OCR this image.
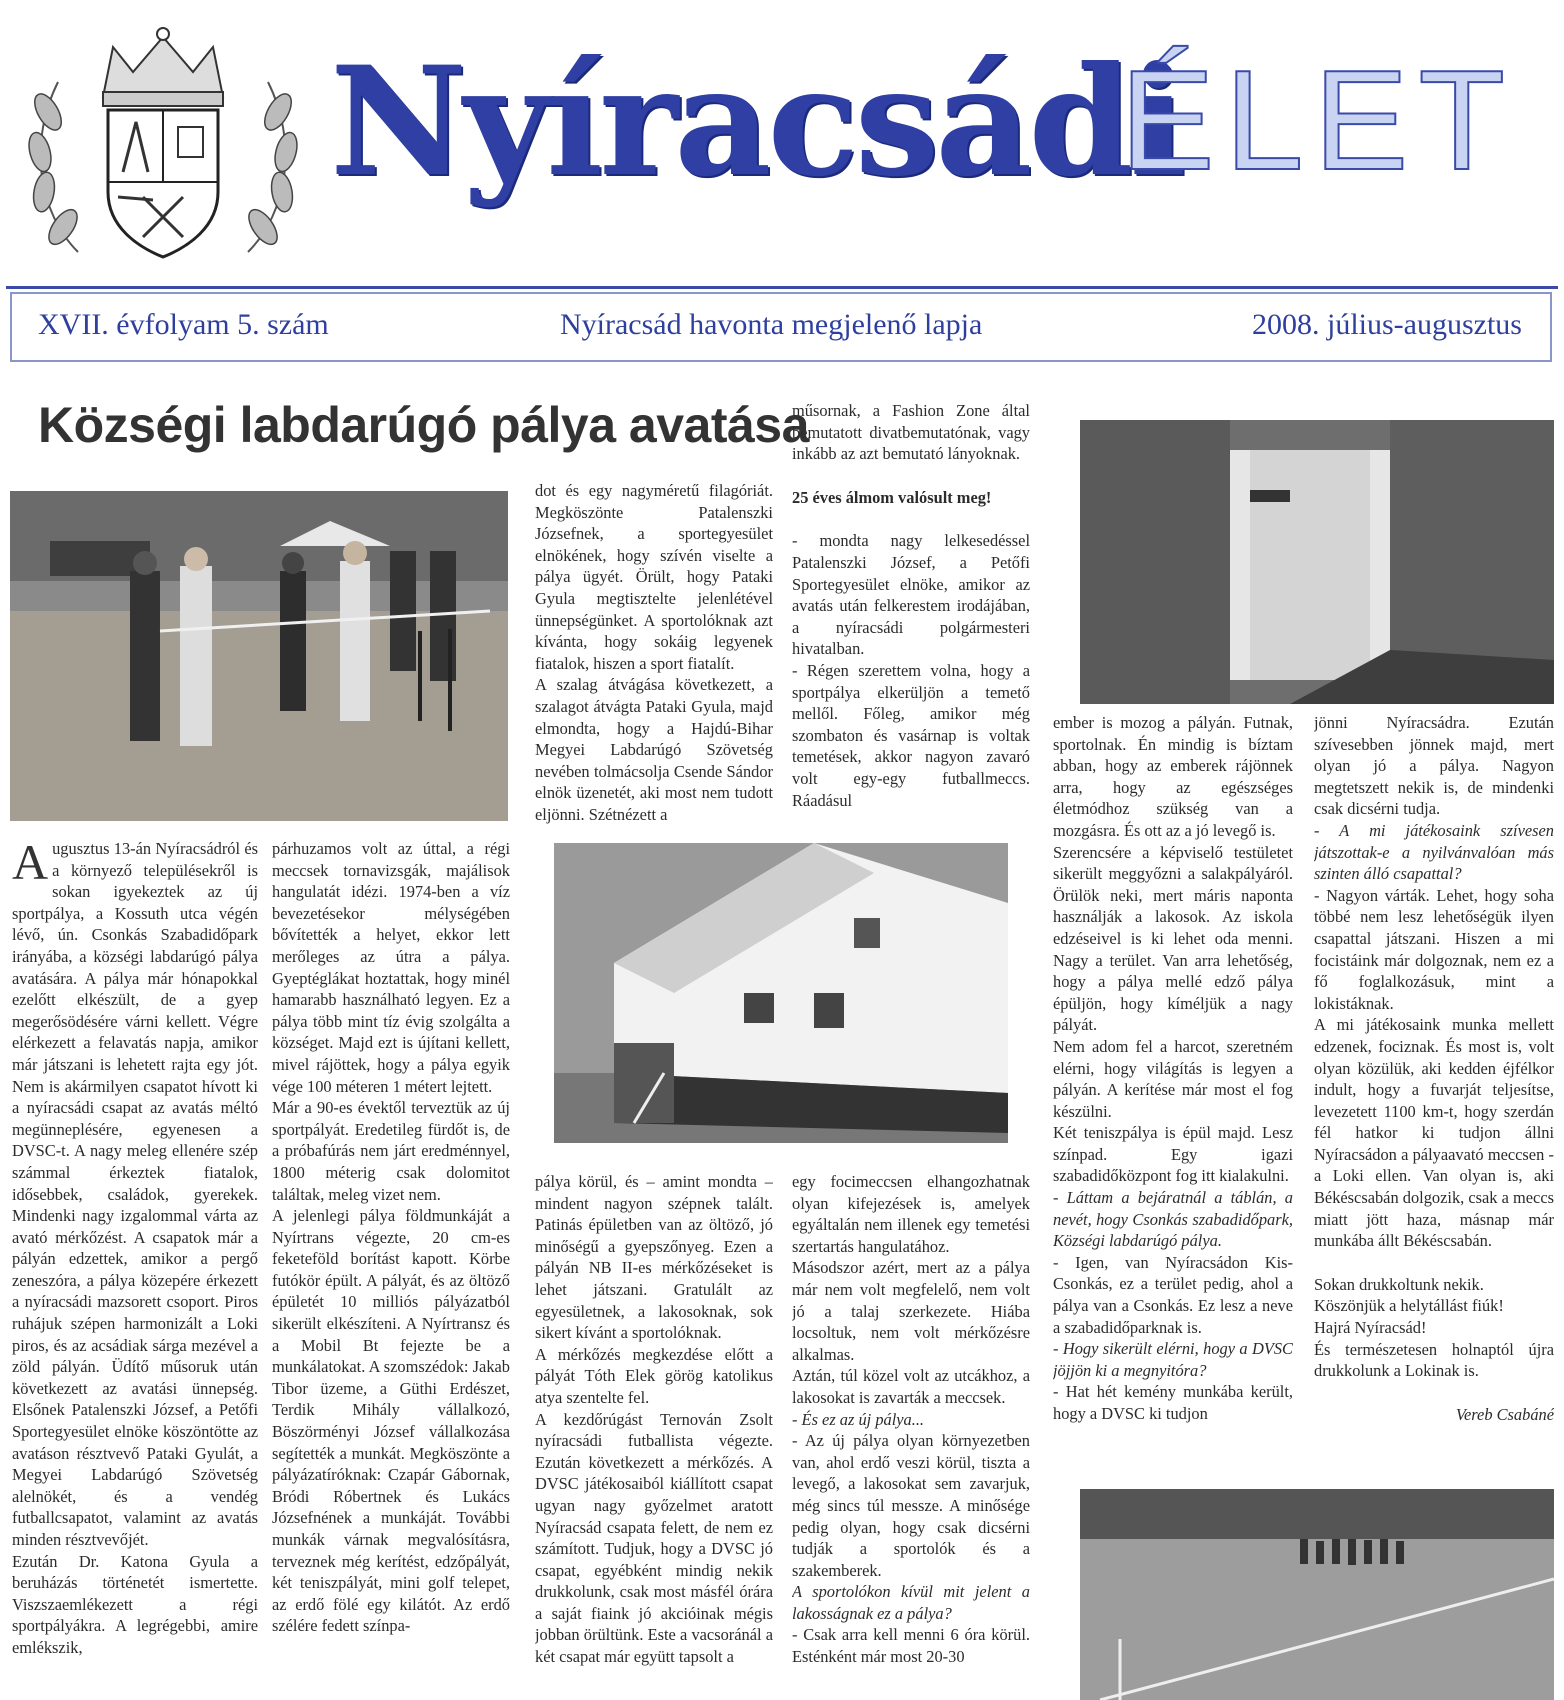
Nyíracsádi
ÉLET
XVII. évfolyam 5. szám	Nyíracsád havonta megjelenő lapja	2008. július-augusztus
Községi labdarúgó pálya avatása

Augusztus 13-án Nyíracsádról és a környező településekről is sokan igyekeztek az új sportpálya, a Kossuth utca végén lévő, ún. Csonkás Szabadidőpark irányába, a községi labdarúgó pálya avatására. A pálya már hónapokkal ezelőtt elkészült, de a gyep megerősödésére várni kellett. Végre elérkezett a felavatás napja, amikor már játszani is lehetett rajta egy jót. Nem is akármilyen csapatot hívott ki a nyíracsádi csapat az avatás méltó megünneplésére, egyenesen a DVSC-t. A nagy meleg ellenére szép számmal érkeztek fiatalok, idősebbek, családok, gyerekek. Mindenki nagy izgalommal várta az avató mérkőzést. A csapatok már a pályán edzettek, amikor a pergő zeneszóra, a pálya közepére érkezett a nyíracsádi mazsorett csoport. Piros ruhájuk szépen harmonizált a Loki piros, és az acsádiak sárga mezével a zöld pályán. Üdítő műsoruk után következett az avatási ünnepség. Elsőnek Patalenszki József, a Petőfi Sportegyesület elnöke köszöntötte az avatáson résztvevő Pataki Gyulát, a Megyei Labdarúgó Szövetség alelnökét, és a vendég futballcsapatot, valamint az avatás minden résztvevőjét.

Ezután Dr. Katona Gyula a beruházás történetét ismertette. Viszszaemlékezett a régi sportpályákra. A legrégebbi, amire emlékszik,

dot és egy nagyméretű filagóriát. Megköszönte Patalenszki Józsefnek, a sportegyesület elnökének, hogy szívén viselte a pálya ügyét. Örült, hogy Pataki Gyula megtisztelte jelenlétével ünnepségünket. A sportolóknak azt kívánta, hogy sokáig legyenek fiatalok, hiszen a sport fiatalít.

A szalag átvágása következett, a szalagot átvágta Pataki Gyula, majd elmondta, hogy a Hajdú-Bihar Megyei Labdarúgó Szövetség nevében tolmácsolja Csende Sándor elnök üzenetét, aki most nem tudott eljönni. Szétnézett a

párhuzamos volt az úttal, a régi meccsek tornavizsgák, majálisok hangulatát idézi. 1974-ben a víz bevezetésekor mélységében bővítették a helyet, ekkor lett merőleges az útra a pálya. Gyeptéglákat hoztattak, hogy minél hamarabb használható legyen. Ez a pálya több mint tíz évig szolgálta a községet. Majd ezt is újítani kellett, mivel rájöttek, hogy a pálya egyik vége 100 méteren 1 métert lejtett.

Már a 90-es évektől terveztük az új sportpályát. Eredetileg fürdőt is, de a próbafúrás nem járt eredménnyel, 1800 méterig csak dolomitot találtak, meleg vizet nem.

A jelenlegi pálya földmunkáját a Nyírtrans végezte, 20 cm-es feketeföld borítást kapott. Körbe futókör épült. A pályát, és az öltöző épületét 10 milliós pályázatból sikerült elkészíteni. A Nyírtransz és a Mobil Bt fejezte be a munkálatokat. A szomszédok: Jakab Tibor üzeme, a Güthi Erdészet, Terdik Mihály vállalkozó, Böszörményi József vállalkozása segítették a munkát. Megköszönte a pályázatíróknak: Czapár Gábornak, Bródi Róbertnek és Lukács Józsefnének a munkáját. További munkák várnak megvalósításra, terveznek még kerítést, edzőpályát, két teniszpályát, mini golf telepet, az erdő fölé egy kilátót. Az erdő szélére fedett színpa-

műsornak, a Fashion Zone által bemutatott divatbemutatónak, vagy inkább az azt bemutató lányoknak.

25 éves álmom valósult meg!

- mondta nagy lelkesedéssel Patalenszki József, a Petőfi Sportegyesület elnöke, amikor az avatás után felkerestem irodájában, a nyíracsádi polgármesteri hivatalban.

- Régen szerettem volna, hogy a sportpálya elkerüljön a temető mellől. Főleg, amikor még szombaton és vasárnap is voltak temetések, akkor nagyon zavaró volt egy-egy futballmeccs. Ráadásul

pálya körül, és – amint mondta – mindent nagyon szépnek talált. Patinás épületben van az öltöző, jó minőségű a gyepszőnyeg. Ezen a pályán NB II-es mérkőzéseket is lehet játszani. Gratulált az egyesületnek, a lakosoknak, sok sikert kívánt a sportolóknak.

A mérkőzés megkezdése előtt a pályát Tóth Elek görög katolikus atya szentelte fel.

A kezdőrúgást Ternován Zsolt nyíracsádi futballista végezte. Ezután következett a mérkőzés. A DVSC játékosaiból kiállított csapat ugyan nagy győzelmet aratott Nyíracsád csapata felett, de nem ez számított. Tudjuk, hogy a DVSC jó csapat, egyébként mindig nekik drukkolunk, csak most másfél órára a saját fiaink jó akcióinak mégis jobban örültünk. Este a vacsoránál a két csapat már együtt tapsolt a

egy focimeccsen elhangozhatnak olyan kifejezések is, amelyek egyáltalán nem illenek egy temetési szertartás hangulatához.

Másodszor azért, mert az a pálya már nem volt megfelelő, nem volt jó a talaj szerkezete. Hiába locsoltuk, nem volt mérkőzésre alkalmas.

Aztán, túl közel volt az utcákhoz, a lakosokat is zavarták a meccsek.

- És ez az új pálya...

- Az új pálya olyan környezetben van, ahol erdő veszi körül, tiszta a levegő, a lakosokat sem zavarjuk, még sincs túl messze. A minősége pedig olyan, hogy csak dicsérni tudják a sportolók és a szakemberek.

A sportolókon kívül mit jelent a lakosságnak ez a pálya?

- Csak arra kell menni 6 óra körül. Esténként már most 20-30

ember is mozog a pályán. Futnak, sportolnak. Én mindig is bíztam abban, hogy az emberek rájönnek arra, hogy az egészséges életmódhoz szükség van a mozgásra. És ott az a jó levegő is.

Szerencsére a képviselő testületet sikerült meggyőzni a salakpályáról. Örülök neki, mert máris naponta használják a lakosok. Az iskola edzéseivel is ki lehet oda menni. Nagy a terület. Van arra lehetőség, hogy a pálya mellé edző pálya épüljön, hogy kíméljük a nagy pályát.

Nem adom fel a harcot, szeretném elérni, hogy világítás is legyen a pályán. A kerítése már most el fog készülni.

Két teniszpálya is épül majd. Lesz színpad. Egy igazi szabadidőközpont fog itt kialakulni.

- Láttam a bejáratnál a táblán, a nevét, hogy Csonkás szabadidőpark, Községi labdarúgó pálya.

- Igen, van Nyíracsádon Kis-Csonkás, ez a terület pedig, ahol a pálya van a Csonkás. Ez lesz a neve a szabadidőparknak is.

- Hogy sikerült elérni, hogy a DVSC jöjjön ki a megnyitóra?

- Hat hét kemény munkába került, hogy a DVSC ki tudjon

jönni Nyíracsádra. Ezután szívesebben jönnek majd, mert olyan jó a pálya. Nagyon megtetszett nekik is, de mindenki csak dicsérni tudja.

- A mi játékosaink szívesen játszottak-e a nyilvánvalóan más szinten álló csapattal?

- Nagyon várták. Lehet, hogy soha többé nem lesz lehetőségük ilyen csapattal játszani. Hiszen a mi focistáink már dolgoznak, nem ez a fő foglalkozásuk, mint a lokistáknak.

A mi játékosaink munka mellett edzenek, fociznak. És most is, volt olyan közülük, aki kedden éjfélkor indult, hogy a fuvarját teljesítse, levezetett 1100 km-t, hogy szerdán fél hatkor ki tudjon állni Nyíracsádon a pályaavató meccsen - a Loki ellen. Van olyan is, aki Békéscsabán dolgozik, csak a meccs miatt jött haza, másnap már munkába állt Békéscsabán.

Sokan drukkoltunk nekik.

Köszönjük a helytállást fiúk!

Hajrá Nyíracsád!

És természetesen holnaptól újra drukkolunk a Lokinak is.

Vereb Csabáné
